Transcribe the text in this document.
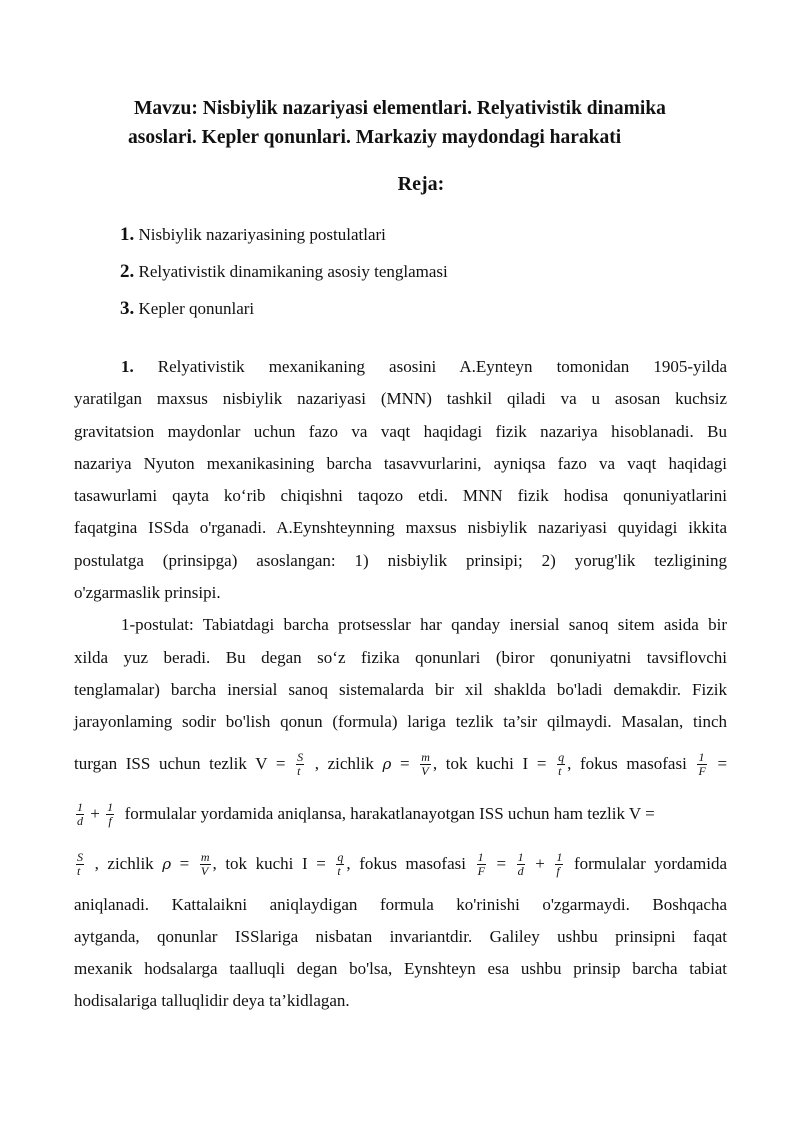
Mavzu: Nisbiylik nazariyasi elementlari. Relyativistik dinamika
asoslari. Kepler qonunlari. Markaziy maydondagi harakati
Reja:
1. Nisbiylik nazariyasining postulatlari
2. Relyativistik dinamikaning asosiy tenglamasi
3. Kepler qonunlari
1. Relyativistik mexanikaning asosini A.Eynteyn tomonidan 1905-yilda
yaratilgan maxsus nisbiylik nazariyasi (MNN) tashkil qiladi va u asosan kuchsiz
gravitatsion maydonlar uchun fazo va vaqt haqidagi fizik nazariya hisoblanadi. Bu
nazariya Nyuton mexanikasining barcha tasavvurlarini, ayniqsa fazo va vaqt haqidagi
tasawurlami qayta ko‘rib chiqishni taqozo etdi. MNN fizik hodisa qonuniyatlarini
faqatgina ISSda o'rganadi. A.Eynshteynning maxsus nisbiylik nazariyasi quyidagi ikkita
postulatga (prinsipga) asoslangan: 1) nisbiylik prinsipi; 2) yorug'lik tezligining
o'zgarmaslik prinsipi.
1-postulat: Tabiatdagi barcha protsesslar har qanday inersial sanoq sitem asida bir
xilda yuz beradi. Bu degan so‘z fizika qonunlari (biror qonuniyatni tavsiflovchi
tenglamalar) barcha inersial sanoq sistemalarda bir xil shaklda bo'ladi demakdir. Fizik
jarayonlaming sodir bo'lish qonun (formula) lariga tezlik ta’sir qilmaydi. Masalan, tinch
turgan ISS uchun tezlik $V = \frac{S}{t}$ , zichlik $\rho = \frac{m}{V}$ , tok kuchi $I = \frac{q}{t}$ , fokus masofasi $\frac{1}{F}$ =
$\frac{1}{d} + \frac{1}{f}$ formulalar yordamida aniqlansa, harakatlanayotgan ISS uchun ham tezlik V =
$\frac{S}{t}$ , zichlik $\rho = \frac{m}{V}$ , tok kuchi $I = \frac{q}{t}$ , fokus masofasi $\frac{1}{F} = \frac{1}{d} + \frac{1}{f}$ formulalar yordamida
aniqlanadi. Kattalaikni aniqlaydigan formula ko'rinishi o'zgarmaydi. Boshqacha
aytganda, qonunlar ISSlariga nisbatan invariantdir. Galiley ushbu prinsipni faqat
mexanik hodsalarga taalluqli degan bo'lsa, Eynshteyn esa ushbu prinsip barcha tabiat
hodisalariga talluqlidir deya ta’kidlagan.
